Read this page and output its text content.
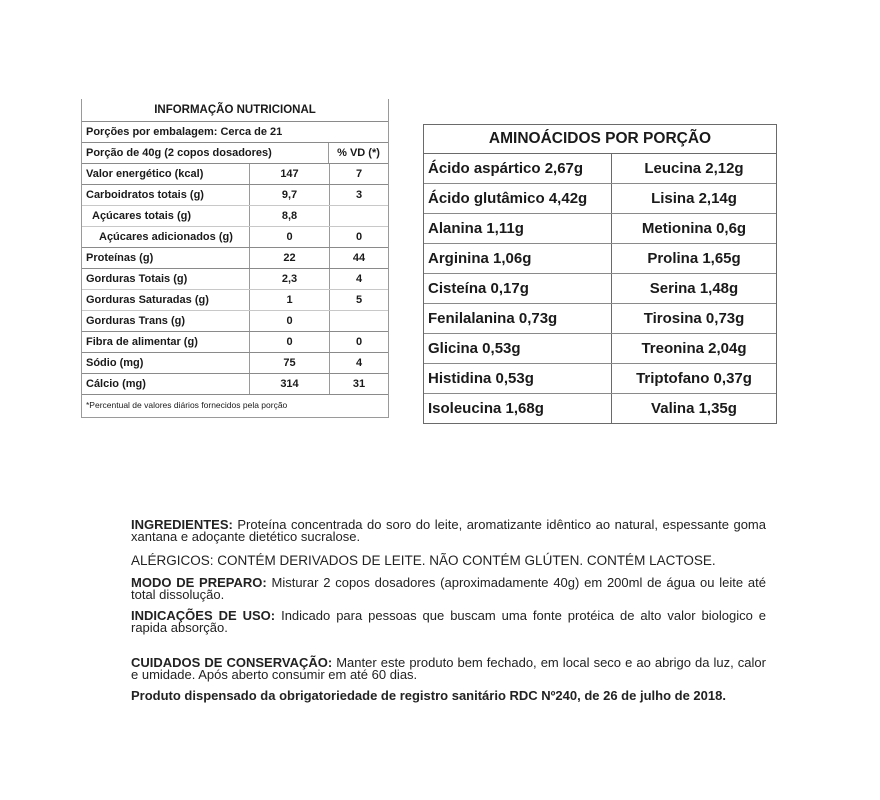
INFORMAÇÃO NUTRICIONAL
Porções por embalagem: Cerca de 21
Porção de 40g (2 copos dosadores)	% VD (*)
Valor energético (kcal)	147	7
Carboidratos totais (g)	9,7	3
Açúcares totais (g)	8,8
Açúcares adicionados (g)	0	0
Proteínas (g)	22	44
Gorduras Totais (g)	2,3	4
Gorduras Saturadas (g)	1	5
Gorduras Trans (g)	0
Fibra de alimentar (g)	0	0
Sódio (mg)	75	4
Cálcio (mg)	314	31
*Percentual de valores diários fornecidos pela porção
AMINOÁCIDOS POR PORÇÃO
Ácido aspártico 2,67g	Leucina 2,12g
Ácido glutâmico 4,42g	Lisina 2,14g
Alanina 1,11g	Metionina 0,6g
Arginina 1,06g	Prolina 1,65g
Cisteína 0,17g	Serina 1,48g
Fenilalanina 0,73g	Tirosina 0,73g
Glicina 0,53g	Treonina 2,04g
Histidina 0,53g	Triptofano 0,37g
Isoleucina 1,68g	Valina 1,35g
INGREDIENTES: Proteína concentrada do soro do leite, aromatizante idêntico ao natural, espessante goma xantana e adoçante dietético sucralose.
ALÉRGICOS: CONTÉM DERIVADOS DE LEITE. NÃO CONTÉM GLÚTEN. CONTÉM LACTOSE.
MODO DE PREPARO: Misturar 2 copos dosadores (aproximadamente 40g) em 200ml de água ou leite até total dissolução.
INDICAÇÕES DE USO: Indicado para pessoas que buscam uma fonte protéica de alto valor biologico e rapida absorção.
CUIDADOS DE CONSERVAÇÃO: Manter este produto bem fechado, em local seco e ao abrigo da luz, calor e umidade. Após aberto consumir em até 60 dias.
Produto dispensado da obrigatoriedade de registro sanitário RDC Nº240, de 26 de julho de 2018.
